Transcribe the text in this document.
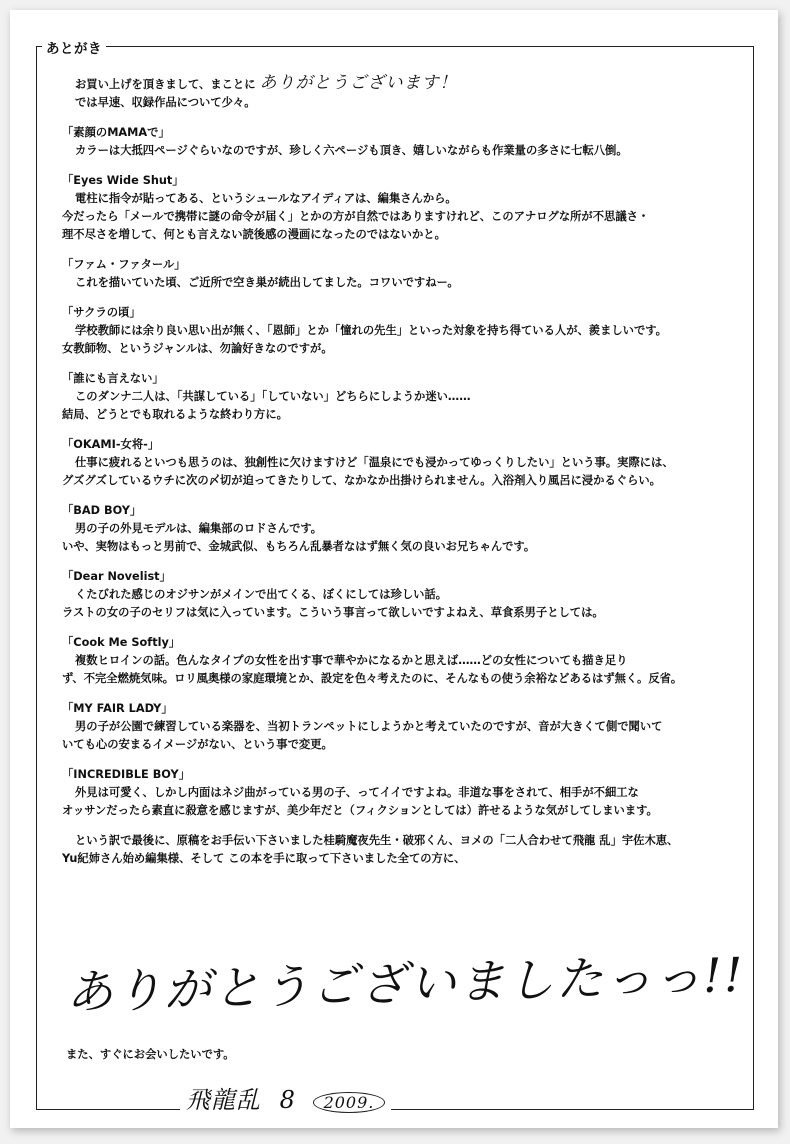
あとがき

お買い上げを頂きまして、まことに ありがとうございます！

では早速、収録作品について少々。

「素顔のMAMAで」

カラーは大抵四ページぐらいなのですが、珍しく六ページも頂き、嬉しいながらも作業量の多さに七転八倒。

「Eyes Wide Shut」

電柱に指令が貼ってある、というシュールなアイディアは、編集さんから。

今だったら「メールで携帯に謎の命令が届く」とかの方が自然ではありますけれど、このアナログな所が不思議さ・

理不尽さを増して、何とも言えない読後感の漫画になったのではないかと。

「ファム・ファタール」

これを描いていた頃、ご近所で空き巣が続出してました。コワいですねー。

「サクラの頃」

学校教師には余り良い思い出が無く、「恩師」とか「憧れの先生」といった対象を持ち得ている人が、羨ましいです。

女教師物、というジャンルは、勿論好きなのですが。

「誰にも言えない」

このダンナ二人は、「共謀している」「していない」どちらにしようか迷い……

結局、どうとでも取れるような終わり方に。

「OKAMI-女将-」

仕事に疲れるといつも思うのは、独創性に欠けますけど「温泉にでも浸かってゆっくりしたい」という事。実際には、

グズグズしているウチに次の〆切が迫ってきたりして、なかなか出掛けられません。入浴剤入り風呂に浸かるぐらい。

「BAD BOY」

男の子の外見モデルは、編集部のロドさんです。

いや、実物はもっと男前で、金城武似、もちろん乱暴者なはず無く気の良いお兄ちゃんです。

「Dear Novelist」

くたびれた感じのオジサンがメインで出てくる、ぼくにしては珍しい話。

ラストの女の子のセリフは気に入っています。こういう事言って欲しいですよねえ、草食系男子としては。

「Cook Me Softly」

複数ヒロインの話。色んなタイプの女性を出す事で華やかになるかと思えば……どの女性についても描き足り

ず、不完全燃焼気味。ロリ風奥様の家庭環境とか、設定を色々考えたのに、そんなもの使う余裕などあるはず無く。反省。

「MY FAIR LADY」

男の子が公園で練習している楽器を、当初トランペットにしようかと考えていたのですが、音が大きくて側で聞いて

いても心の安まるイメージがない、という事で変更。

「INCREDIBLE BOY」

外見は可愛く、しかし内面はネジ曲がっている男の子、ってイイですよね。非道な事をされて、相手が不細工な

オッサンだったら素直に殺意を感じますが、美少年だと（フィクションとしては）許せるような気がしてしまいます。

という訳で最後に、原稿をお手伝い下さいました桂騎魔夜先生・破邪くん、ヨメの「二人合わせて飛龍 乱」宇佐木恵、

Yu紀姉さん始め編集様、そして この本を手に取って下さいました全ての方に、

ありがとうございましたっっ!!
また、すぐにお会いしたいです。
飛龍乱 8 2009.
